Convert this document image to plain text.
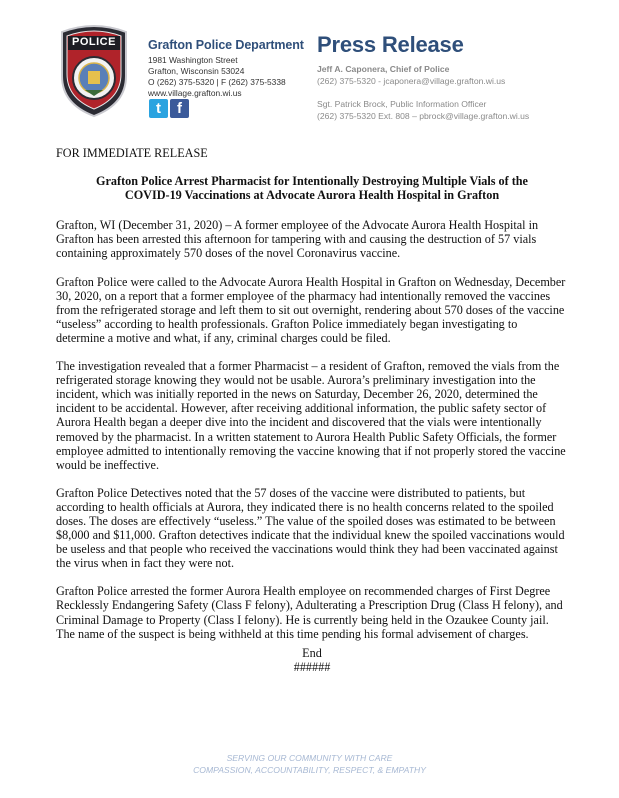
POLICE	Grafton Police Department
1981 Washington Street
Grafton, Wisconsin 53024
O (262) 375-5320 | F (262) 375-5338
www.village.grafton.wi.us
t	f
Press Release
Jeff A. Caponera, Chief of Police
(262) 375-5320 - jcaponera@village.grafton.wi.us
Sgt. Patrick Brock, Public Information Officer
(262) 375-5320 Ext. 808 – pbrock@village.grafton.wi.us

FOR IMMEDIATE RELEASE

Grafton Police Arrest Pharmacist for Intentionally Destroying Multiple Vials of the
COVID-19 Vaccinations at Advocate Aurora Health Hospital in Grafton

Grafton, WI (December 31, 2020) – A former employee of the Advocate Aurora Health Hospital in Grafton has been arrested this afternoon for tampering with and causing the destruction of 57 vials containing approximately 570 doses of the novel Coronavirus vaccine.

Grafton Police were called to the Advocate Aurora Health Hospital in Grafton on Wednesday, December 30, 2020, on a report that a former employee of the pharmacy had intentionally removed the vaccines from the refrigerated storage and left them to sit out overnight, rendering about 570 doses of the vaccine “useless” according to health professionals. Grafton Police immediately began investigating to determine a motive and what, if any, criminal charges could be filed.

The investigation revealed that a former Pharmacist – a resident of Grafton, removed the vials from the refrigerated storage knowing they would not be usable. Aurora’s preliminary investigation into the incident, which was initially reported in the news on Saturday, December 26, 2020, determined the incident to be accidental. However, after receiving additional information, the public safety sector of Aurora Health began a deeper dive into the incident and discovered that the vials were intentionally removed by the pharmacist. In a written statement to Aurora Health Public Safety Officials, the former employee admitted to intentionally removing the vaccine knowing that if not properly stored the vaccine would be ineffective.

Grafton Police Detectives noted that the 57 doses of the vaccine were distributed to patients, but according to health officials at Aurora, they indicated there is no health concerns related to the spoiled doses. The doses are effectively “useless.” The value of the spoiled doses was estimated to be between $8,000 and $11,000. Grafton detectives indicate that the individual knew the spoiled vaccinations would be useless and that people who received the vaccinations would think they had been vaccinated against the virus when in fact they were not.

Grafton Police arrested the former Aurora Health employee on recommended charges of First Degree Recklessly Endangering Safety (Class F felony), Adulterating a Prescription Drug (Class H felony), and Criminal Damage to Property (Class I felony). He is currently being held in the Ozaukee County jail. The name of the suspect is being withheld at this time pending his formal advisement of charges.

End
######
SERVING OUR COMMUNITY WITH CARE
COMPASSION, ACCOUNTABILITY, RESPECT, & EMPATHY
